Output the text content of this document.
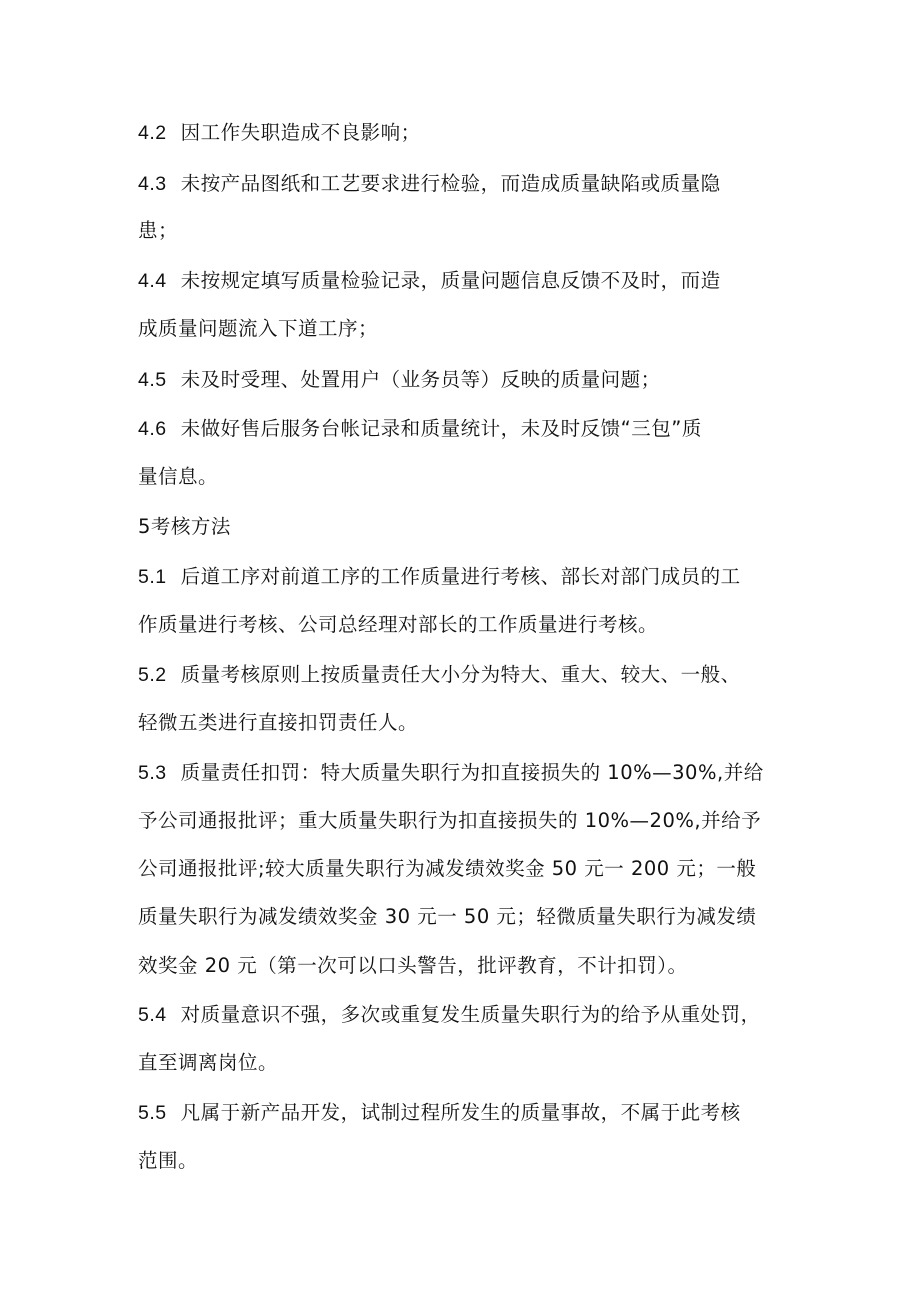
4.2 因工作失职造成不良影响；
4.3 未按产品图纸和工艺要求进行检验，而造成质量缺陷或质量隐
患；
4.4 未按规定填写质量检验记录，质量问题信息反馈不及时，而造
成质量问题流入下道工序；
4.5 未及时受理、处置用户（业务员等）反映的质量问题；
4.6 未做好售后服务台帐记录和质量统计，未及时反馈“三包”质
量信息。
5考核方法
5.1 后道工序对前道工序的工作质量进行考核、部长对部门成员的工
作质量进行考核、公司总经理对部长的工作质量进行考核。
5.2 质量考核原则上按质量责任大小分为特大、重大、较大、一般、
轻微五类进行直接扣罚责任人。
5.3 质量责任扣罚：特大质量失职行为扣直接损失的 10%—30%,并给
予公司通报批评；重大质量失职行为扣直接损失的 10%—20%,并给予
公司通报批评;较大质量失职行为减发绩效奖金 50 元一 200 元；一般
质量失职行为减发绩效奖金 30 元一 50 元；轻微质量失职行为减发绩
效奖金 20 元（第一次可以口头警告，批评教育，不计扣罚）。
5.4 对质量意识不强，多次或重复发生质量失职行为的给予从重处罚，
直至调离岗位。
5.5 凡属于新产品开发，试制过程所发生的质量事故，不属于此考核
范围。
